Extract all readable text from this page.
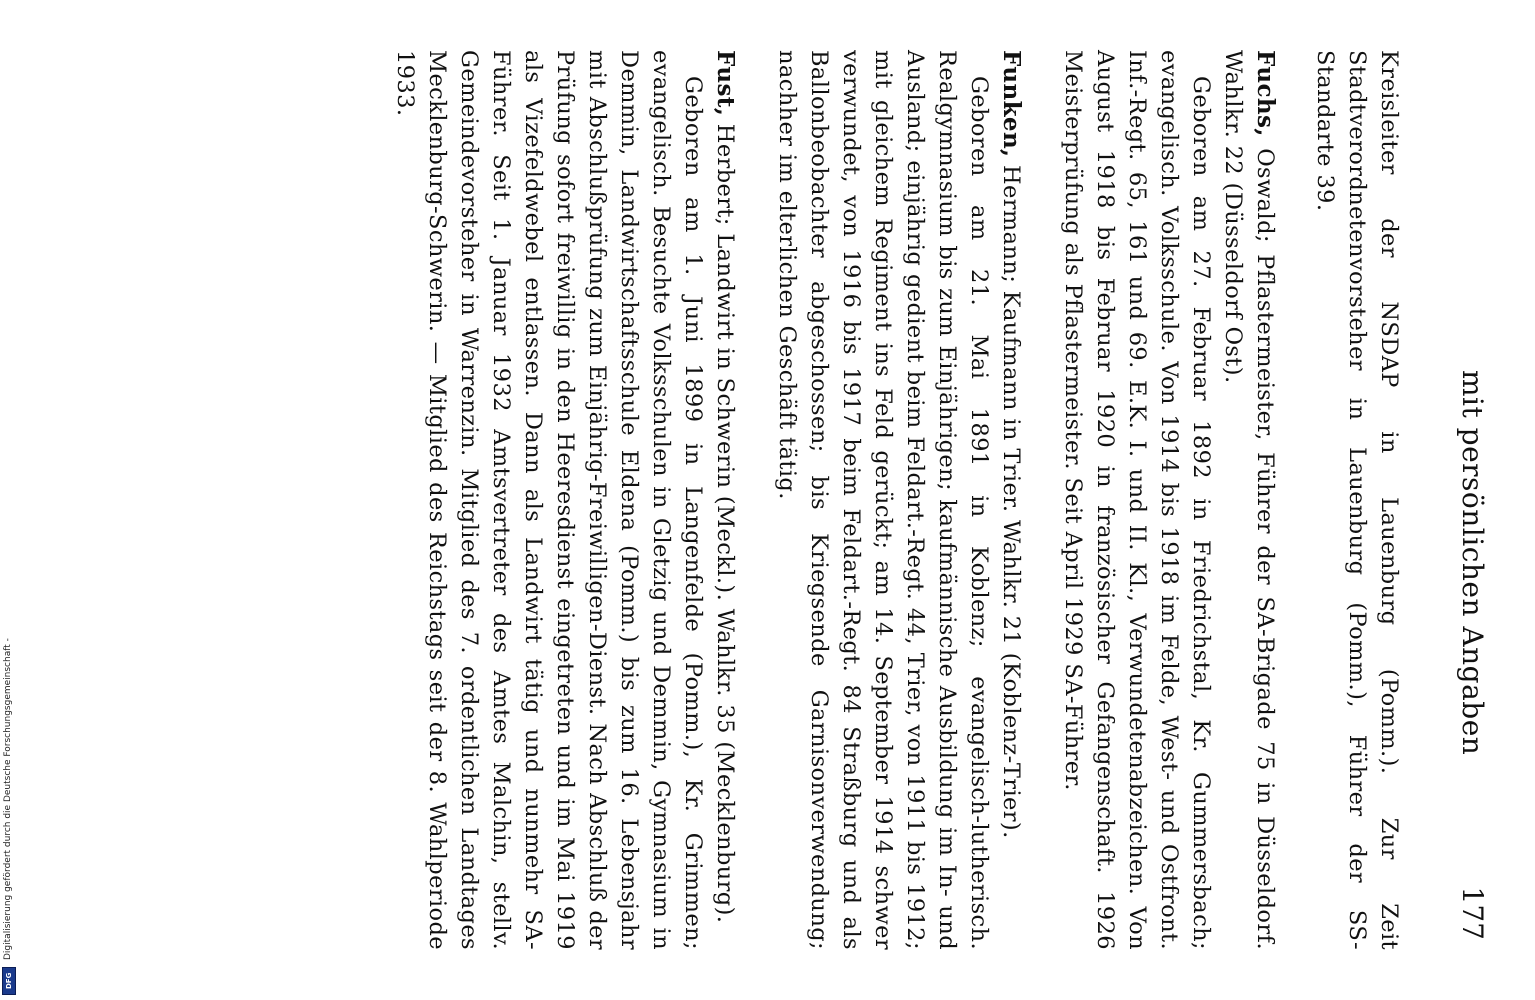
mit persönlichen Angaben
177

Kreisleiter der NSDAP in Lauenburg (Pomm.). Zur Zeit Stadtverordnetenvorsteher in Lauenburg (Pomm.), Führer der SS-Standarte 39.

Fuchs, Oswald; Pflastermeister, Führer der SA-Brigade 75 in Düsseldorf. Wahlkr. 22 (Düsseldorf Ost).
Geboren am 27. Februar 1892 in Friedrichstal, Kr. Gummersbach; evangelisch. Volksschule. Von 1914 bis 1918 im Felde, West- und Ostfront. Inf.-Regt. 65, 161 und 69. E.K. I. und II. Kl., Verwundetenabzeichen. Von August 1918 bis Februar 1920 in französischer Gefangenschaft. 1926 Meisterprüfung als Pflastermeister. Seit April 1929 SA-Führer.
Funken, Hermann; Kaufmann in Trier. Wahlkr. 21 (Koblenz-Trier).
Geboren am 21. Mai 1891 in Koblenz; evangelisch-lutherisch. Realgymnasium bis zum Einjährigen; kaufmännische Ausbildung im In- und Ausland; einjährig gedient beim Feldart.-Regt. 44, Trier, von 1911 bis 1912; mit gleichem Regiment ins Feld gerückt; am 14. September 1914 schwer verwundet, von 1916 bis 1917 beim Feldart.-Regt. 84 Straßburg und als Ballonbeobachter abgeschossen; bis Kriegsende Garnisonverwendung; nachher im elterlichen Geschäft tätig.
Fust, Herbert; Landwirt in Schwerin (Meckl.). Wahlkr. 35 (Mecklenburg).
Geboren am 1. Juni 1899 in Langenfelde (Pomm.), Kr. Grimmen; evangelisch. Besuchte Volksschulen in Gletzig und Demmin, Gymnasium in Demmin, Landwirtschaftsschule Eldena (Pomm.) bis zum 16. Lebensjahr mit Abschlußprüfung zum Einjährig-Freiwilligen-Dienst. Nach Abschluß der Prüfung sofort freiwillig in den Heeresdienst eingetreten und im Mai 1919 als Vizefeldwebel entlassen. Dann als Landwirt tätig und nunmehr SA-Führer. Seit 1. Januar 1932 Amtsvertreter des Amtes Malchin, stellv. Gemeindevorsteher in Warrenzin. Mitglied des 7. ordentlichen Landtages Mecklenburg-Schwerin. — Mitglied des Reichstags seit der 8. Wahlperiode 1933.
Digitalisierung gefördert durch die Deutsche Forschungsgemeinschaft -
DFG
